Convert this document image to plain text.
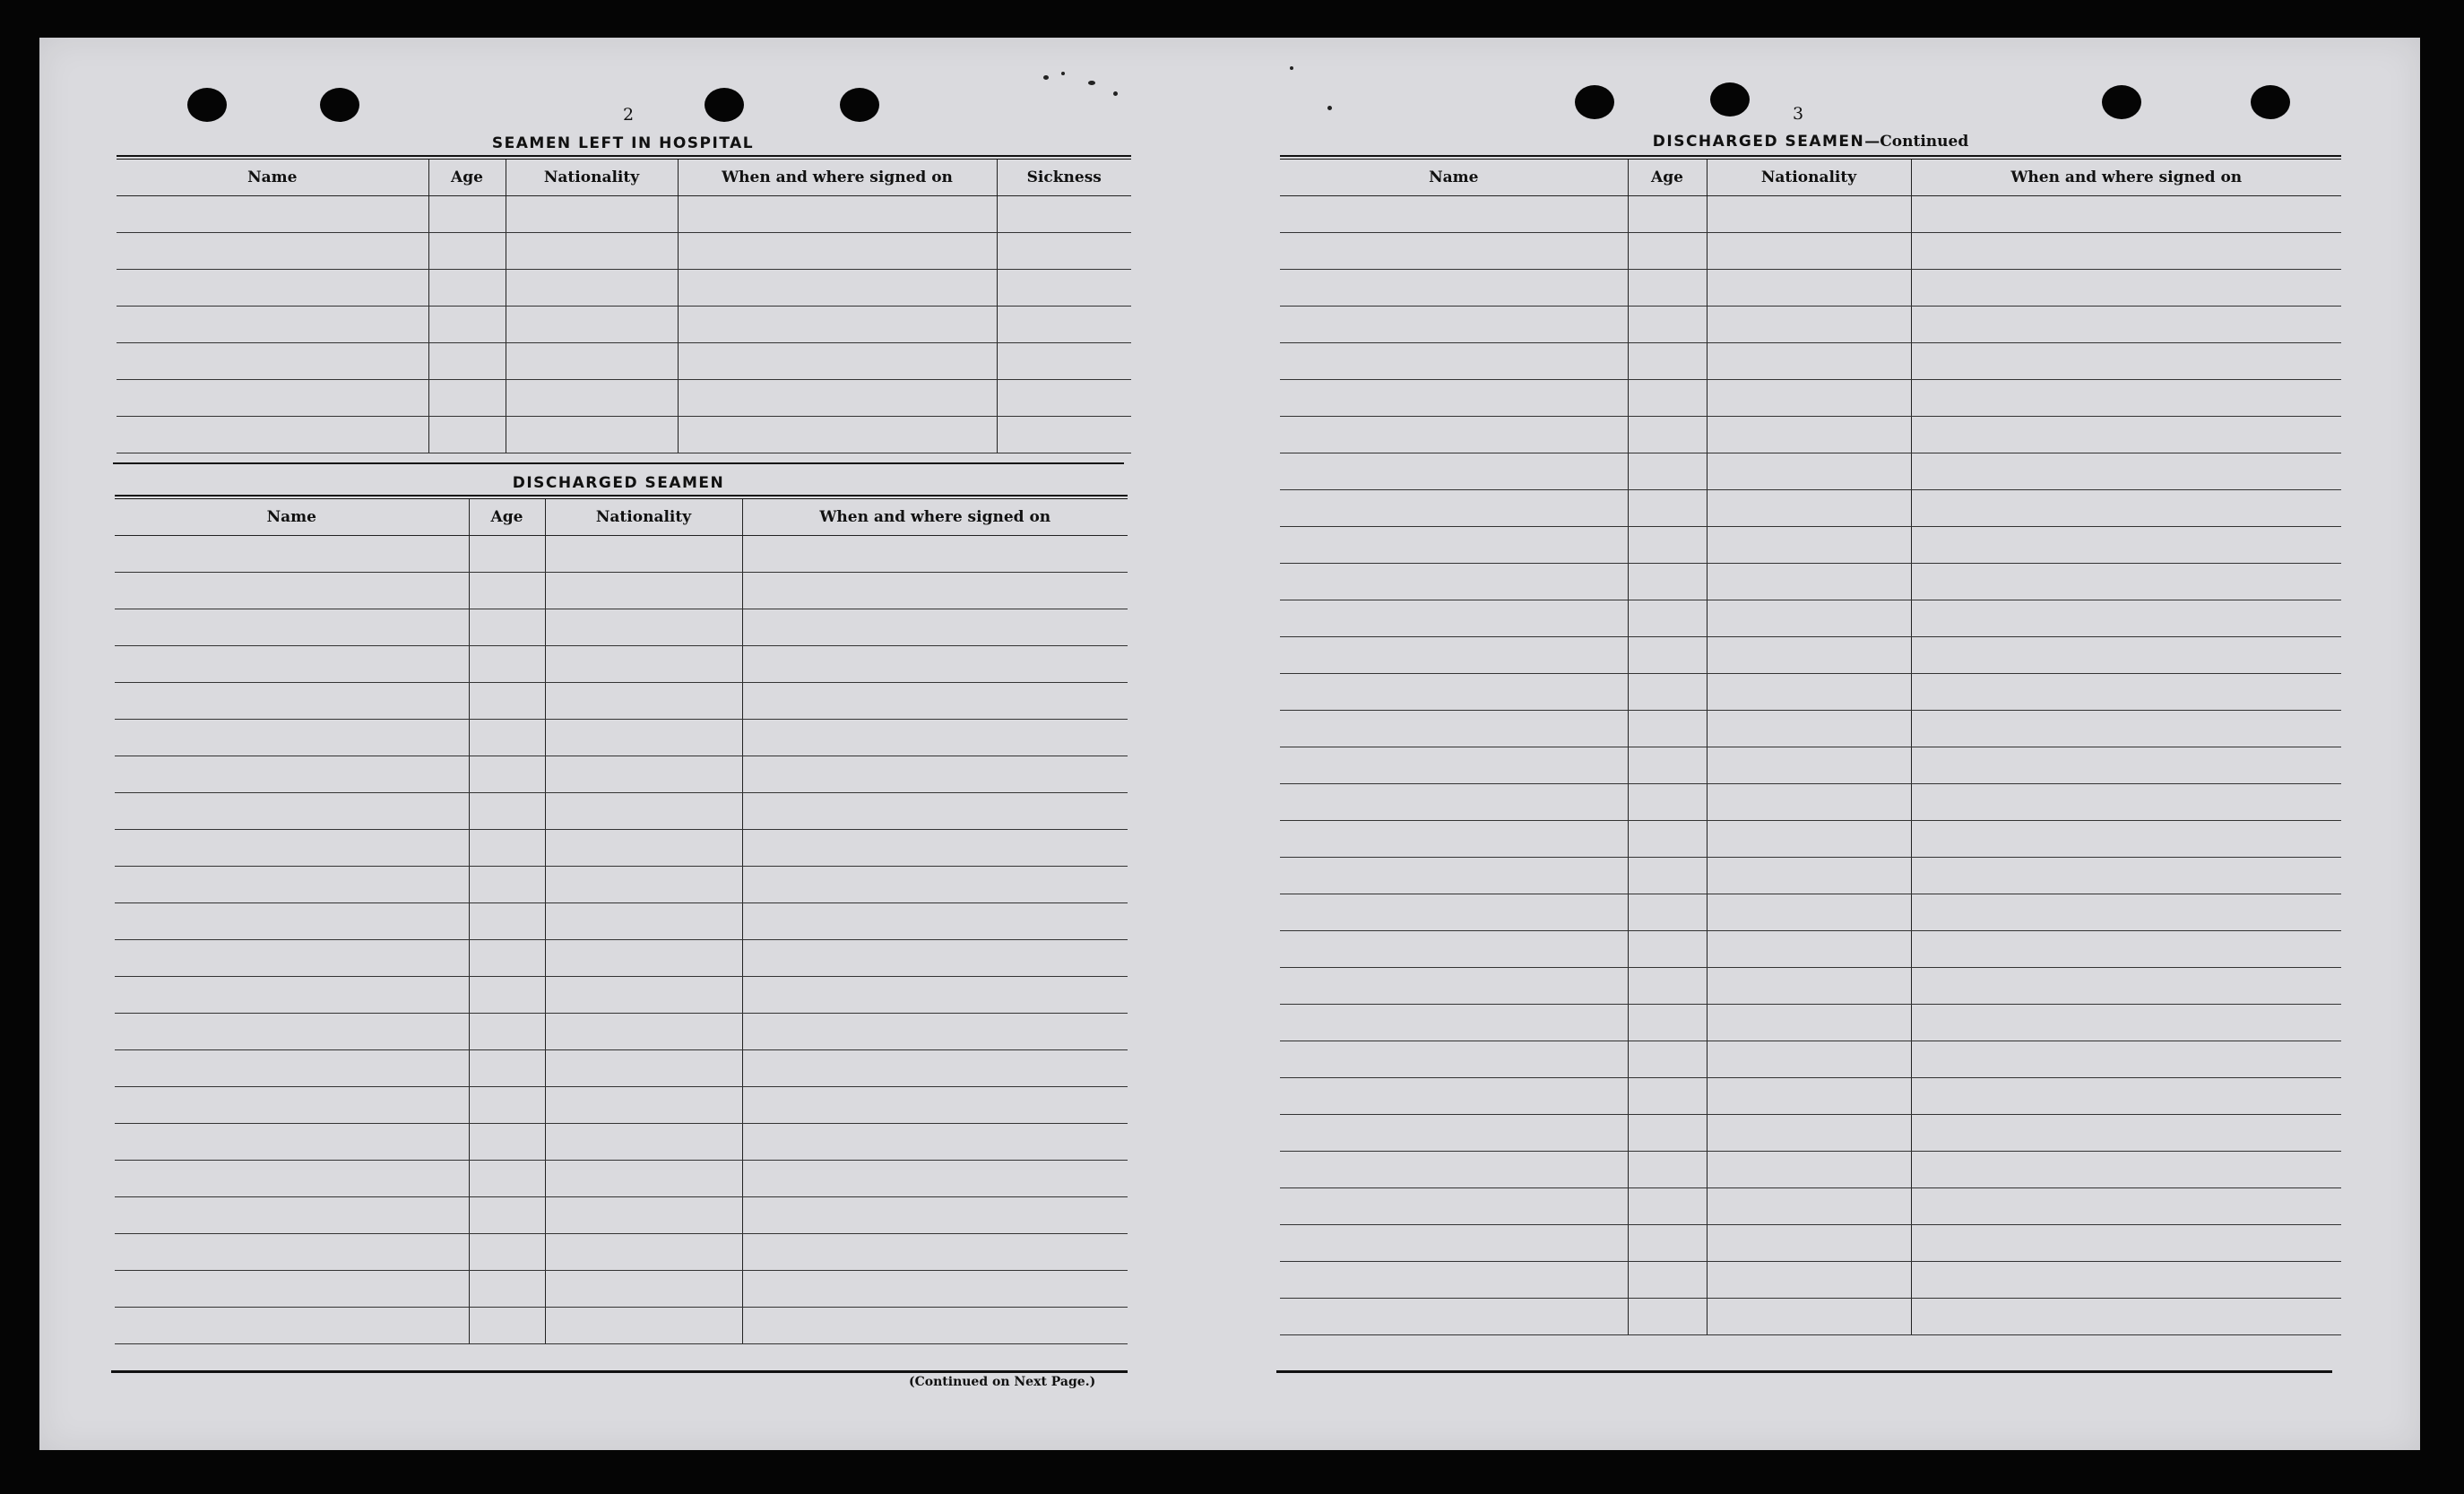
2
SEAMEN LEFT IN HOSPITAL
Name	Age	Nationality	When and where signed on	Sickness

DISCHARGED SEAMEN
Name	Age	Nationality	When and where signed on

(Continued on Next Page.)
3
DISCHARGED SEAMEN—Continued
Name	Age	Nationality	When and where signed on
